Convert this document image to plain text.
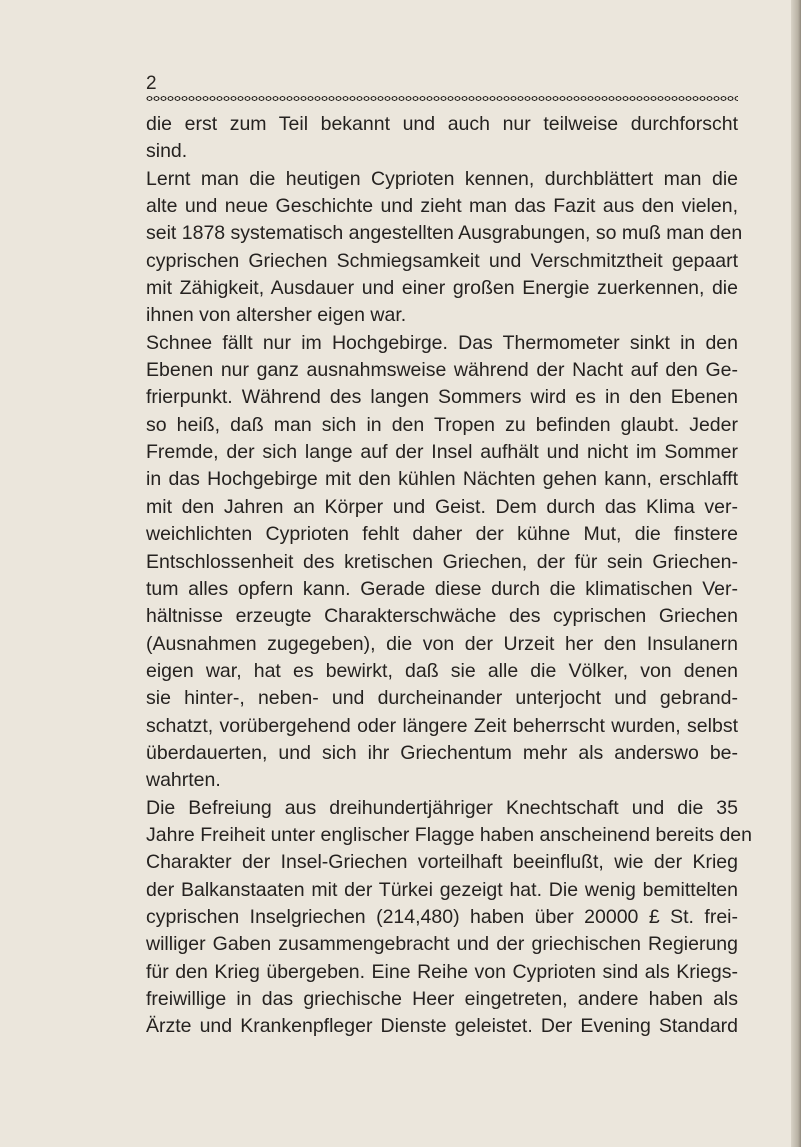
2
die erst zum Teil bekannt und auch nur teilweise durchforscht
sind.
Lernt man die heutigen Cyprioten kennen, durchblättert man die
alte und neue Geschichte und zieht man das Fazit aus den vielen,
seit 1878 systematisch angestellten Ausgrabungen, so muß man den
cyprischen Griechen Schmiegsamkeit und Verschmitztheit gepaart
mit Zähigkeit, Ausdauer und einer großen Energie zuerkennen, die
ihnen von altersher eigen war.
Schnee fällt nur im Hochgebirge. Das Thermometer sinkt in den
Ebenen nur ganz ausnahmsweise während der Nacht auf den Ge-
frierpunkt. Während des langen Sommers wird es in den Ebenen
so heiß, daß man sich in den Tropen zu befinden glaubt. Jeder
Fremde, der sich lange auf der Insel aufhält und nicht im Sommer
in das Hochgebirge mit den kühlen Nächten gehen kann, erschlafft
mit den Jahren an Körper und Geist. Dem durch das Klima ver-
weichlichten Cyprioten fehlt daher der kühne Mut, die finstere
Entschlossenheit des kretischen Griechen, der für sein Griechen-
tum alles opfern kann. Gerade diese durch die klimatischen Ver-
hältnisse erzeugte Charakterschwäche des cyprischen Griechen
(Ausnahmen zugegeben), die von der Urzeit her den Insulanern
eigen war, hat es bewirkt, daß sie alle die Völker, von denen
sie hinter-, neben- und durcheinander unterjocht und gebrand-
schatzt, vorübergehend oder längere Zeit beherrscht wurden, selbst
überdauerten, und sich ihr Griechentum mehr als anderswo be-
wahrten.
Die Befreiung aus dreihundertjähriger Knechtschaft und die 35
Jahre Freiheit unter englischer Flagge haben anscheinend bereits den
Charakter der Insel-Griechen vorteilhaft beeinflußt, wie der Krieg
der Balkanstaaten mit der Türkei gezeigt hat. Die wenig bemittelten
cyprischen Inselgriechen (214,480) haben über 20000 £ St. frei-
williger Gaben zusammengebracht und der griechischen Regierung
für den Krieg übergeben. Eine Reihe von Cyprioten sind als Kriegs-
freiwillige in das griechische Heer eingetreten, andere haben als
Ärzte und Krankenpfleger Dienste geleistet. Der Evening Standard
